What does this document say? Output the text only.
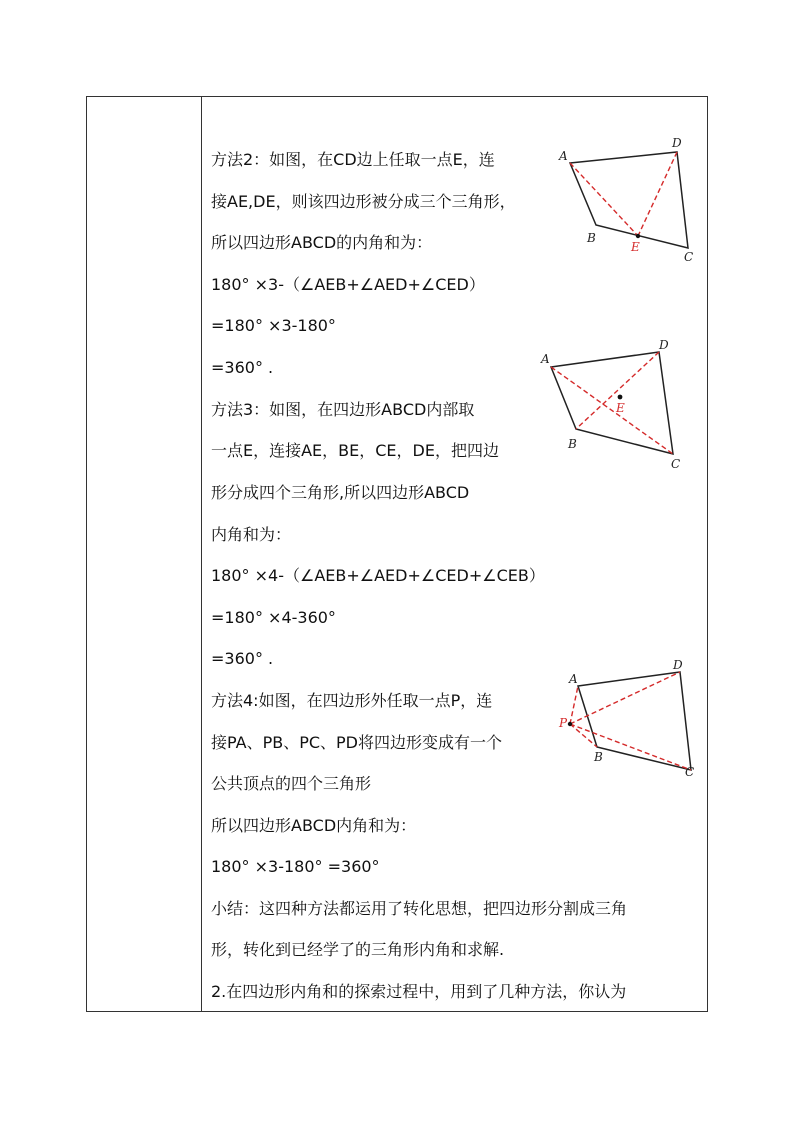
方法2：如图，在CD边上任取一点E，连
接AE,DE，则该四边形被分成三个三角形，
所以四边形ABCD的内角和为：
180° ×3-（∠AEB+∠AED+∠CED）
=180° ×3-180°
=360° .
方法3：如图，在四边形ABCD内部取
一点E，连接AE，BE，CE，DE，把四边
形分成四个三角形,所以四边形ABCD
内角和为：
180° ×4-（∠AEB+∠AED+∠CED+∠CEB）
=180° ×4-360°
=360° .
方法4:如图，在四边形外任取一点P，连
接PA、PB、PC、PD将四边形变成有一个
公共顶点的四个三角形
所以四边形ABCD内角和为：
180° ×3-180° =360°
小结：这四种方法都运用了转化思想，把四边形分割成三角
形，转化到已经学了的三角形内角和求解.
2.在四边形内角和的探索过程中，用到了几种方法，你认为
A
D
B
E
C
A
D
E
B
C
A
D
P
B
C
